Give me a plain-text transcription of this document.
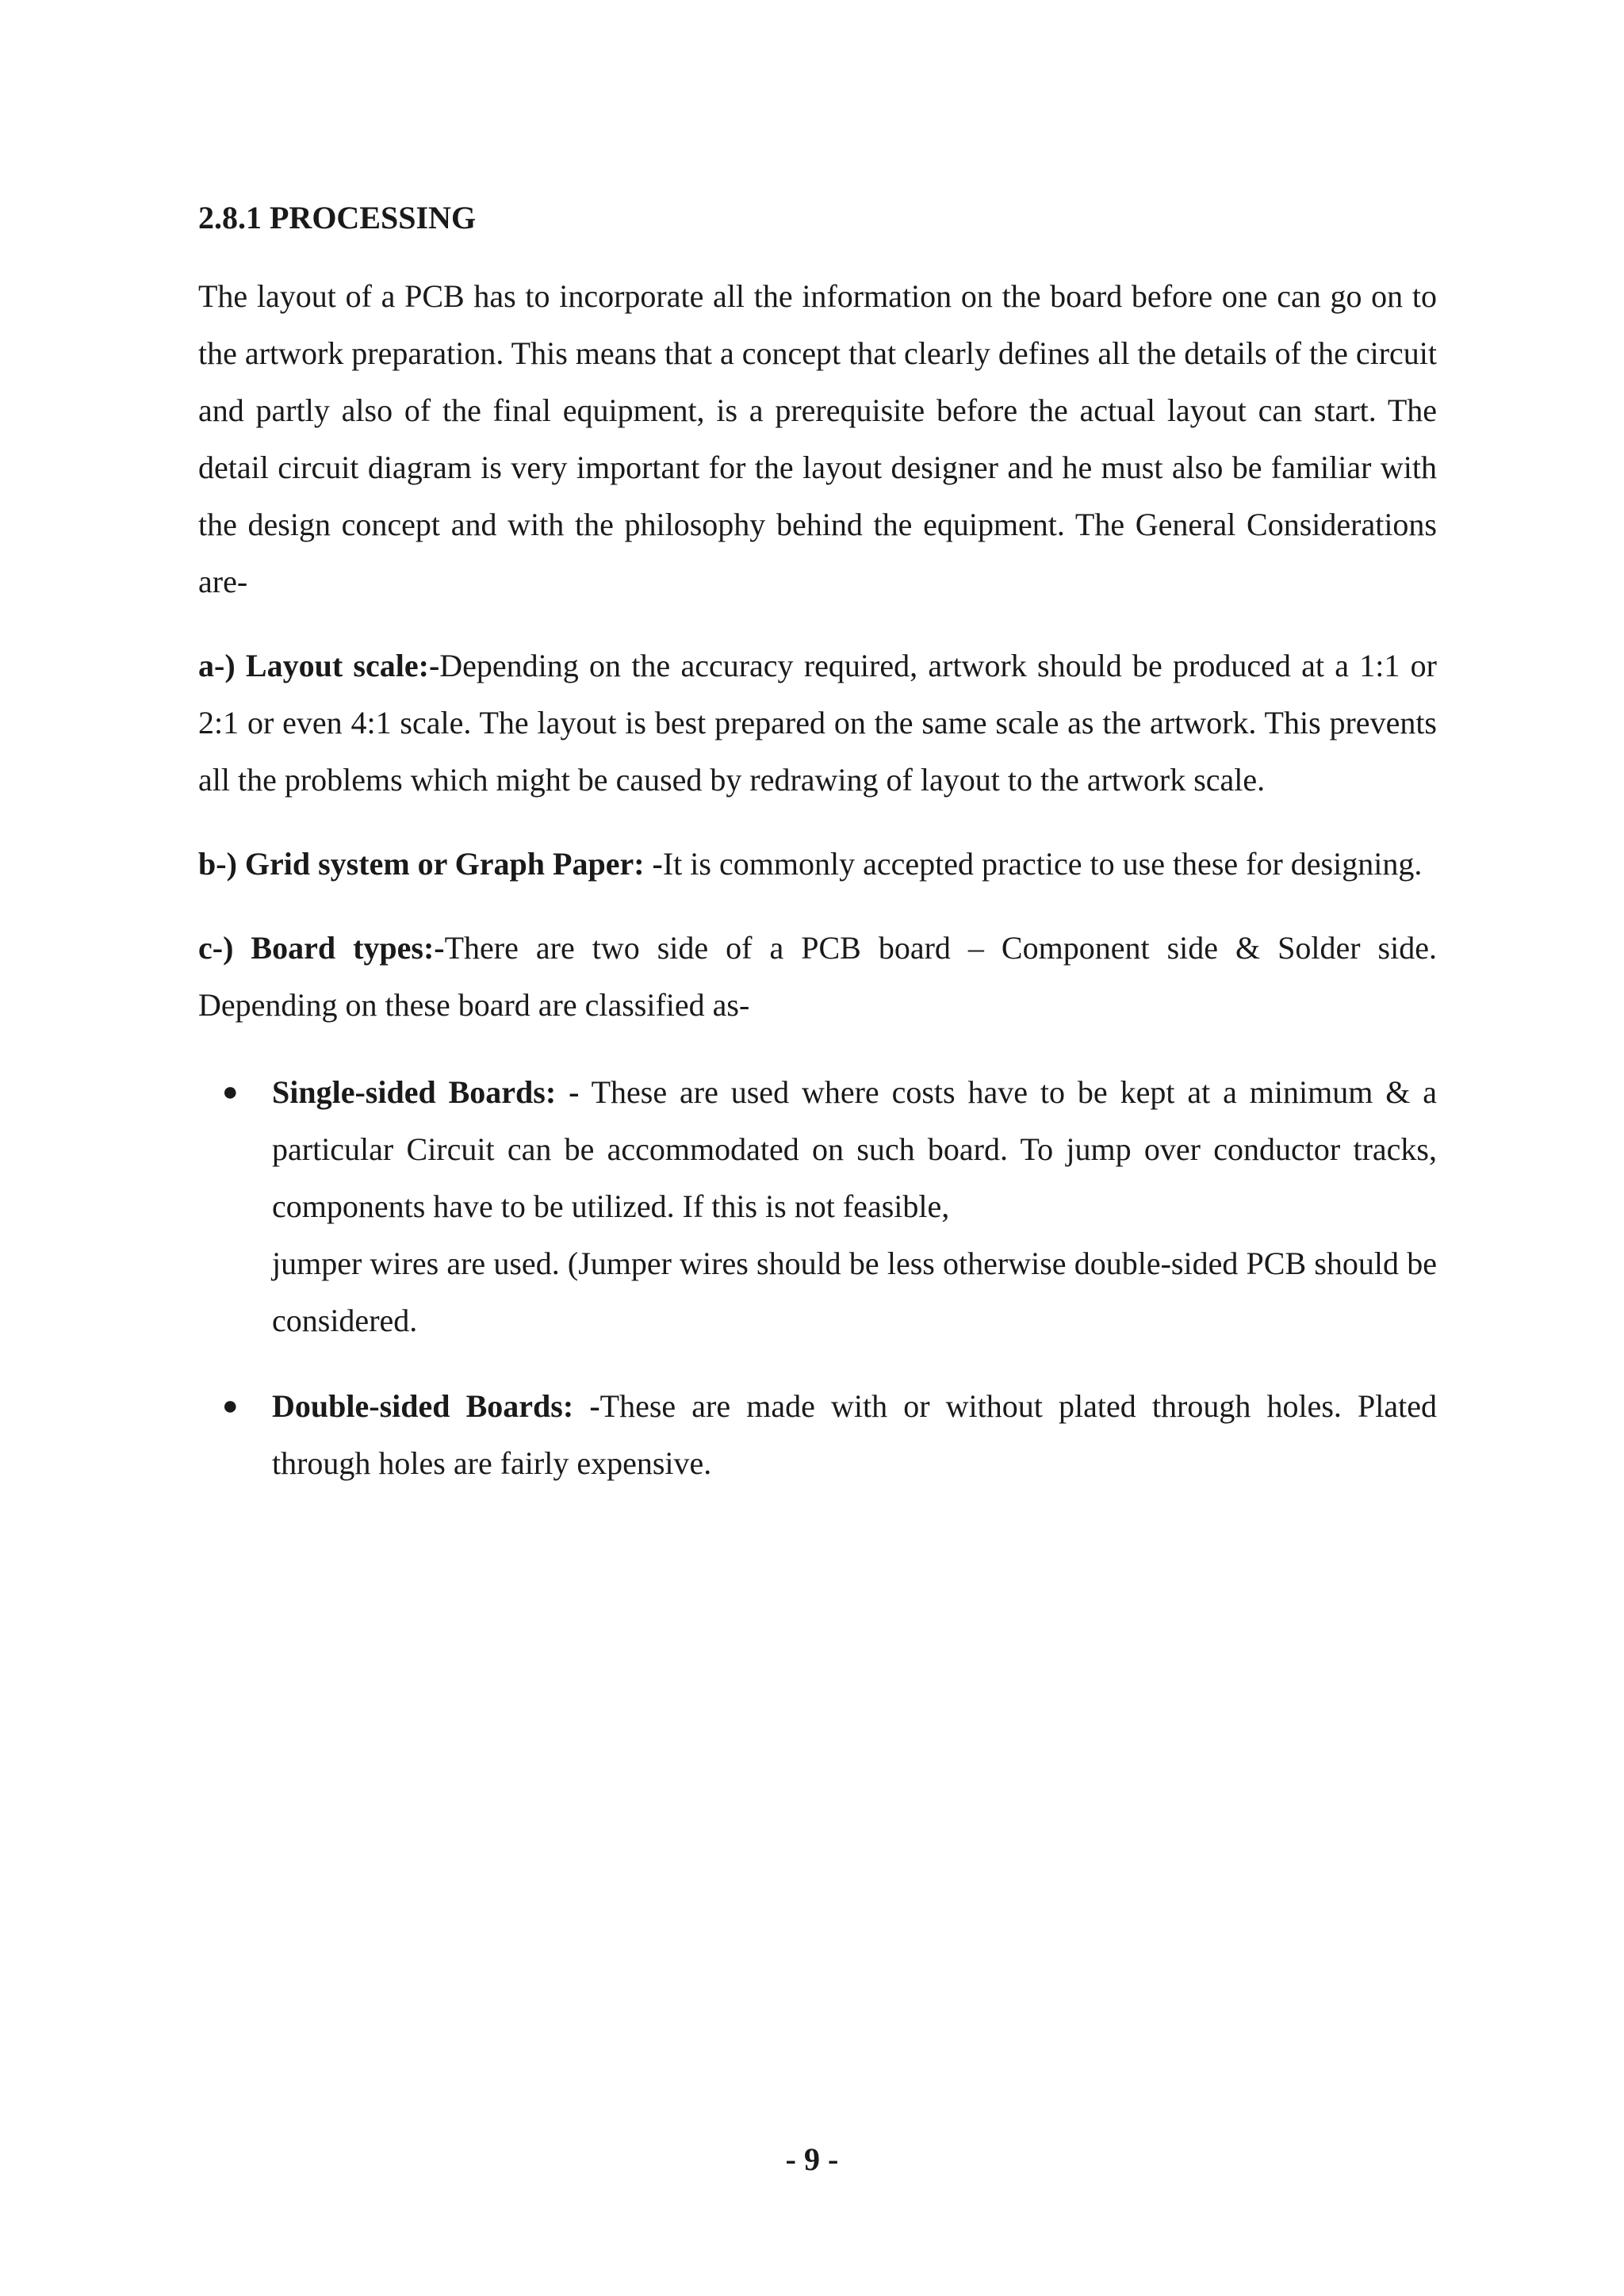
2.8.1 PROCESSING

The layout of a PCB has to incorporate all the information on the board before one can go on to the artwork preparation. This means that a concept that clearly defines all the details of the circuit and partly also of the final equipment, is a prerequisite before the actual layout can start. The detail circuit diagram is very important for the layout designer and he must also be familiar with the design concept and with the philosophy behind the equipment. The General Considerations are-

a-) Layout scale:-Depending on the accuracy required, artwork should be produced at a 1:1 or 2:1 or even 4:1 scale. The layout is best prepared on the same scale as the artwork. This prevents all the problems which might be caused by redrawing of layout to the artwork scale.

b-) Grid system or Graph Paper: -It is commonly accepted practice to use these for designing.

c-) Board types:-There are two side of a PCB board – Component side & Solder side. Depending on these board are classified as-

● Single-sided Boards: - These are used where costs have to be kept at a minimum & a particular Circuit can be accommodated on such board. To jump over conductor tracks, components have to be utilized. If this is not feasible,
jumper wires are used. (Jumper wires should be less otherwise double-sided PCB should be considered.
● Double-sided Boards: -These are made with or without plated through holes. Plated through holes are fairly expensive.
- 9 -
